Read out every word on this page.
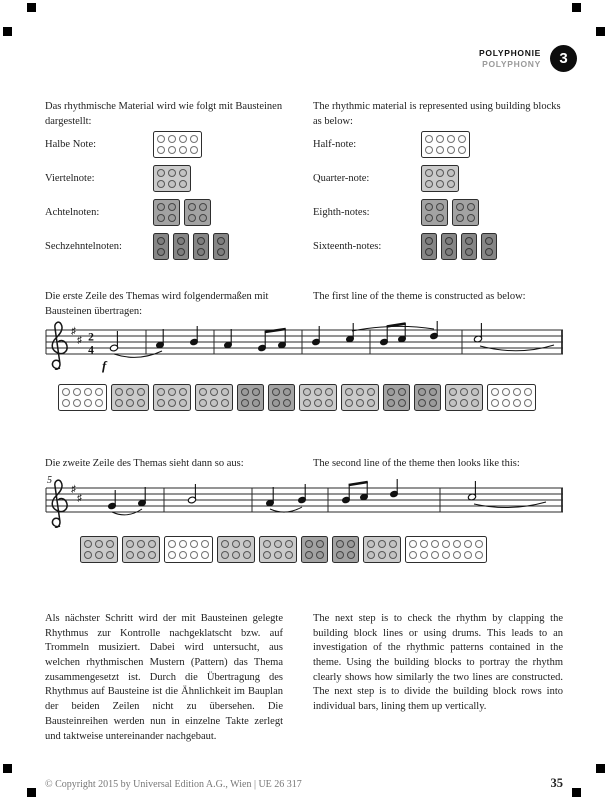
POLYPHONIE
POLYPHONY	3
Das rhythmische Material wird wie folgt mit Bausteinen dargestellt:
The rhythmic material is represented using building blocks as below:
Halbe Note:
Viertelnote:
Achtelnoten:
Sechzehntelnoten:
Half-note:
Quarter-note:
Eighth-notes:
Sixteenth-notes:
Die erste Zeile des Themas wird folgendermaßen mit Bausteinen übertragen:
The first line of the theme is constructed as below:
♯
♯ 2
4
f
Die zweite Zeile des Themas sieht dann so aus:	The second line of the theme then looks like this:
5
♯
♯
Als nächster Schritt wird der mit Bausteinen gelegte Rhythmus zur Kontrolle nachgeklatscht bzw. auf Trommeln musiziert. Dabei wird untersucht, aus welchen rhythmischen Mustern (Pattern) das Thema zusammengesetzt ist. Durch die Übertragung des Rhythmus auf Bausteine ist die Ähnlichkeit im Bauplan der beiden Zeilen nicht zu übersehen. Die Bausteinreihen werden nun in einzelne Takte zerlegt und taktweise untereinander nachgebaut.
The next step is to check the rhythm by clapping the building block lines or using drums. This leads to an investigation of the rhythmic patterns contained in the theme. Using the building blocks to portray the rhythm clearly shows how similarly the two lines are constructed. The next step is to divide the building block rows into individual bars, lining them up vertically.
© Copyright 2015 by Universal Edition A.G., Wien | UE 26 317	35
